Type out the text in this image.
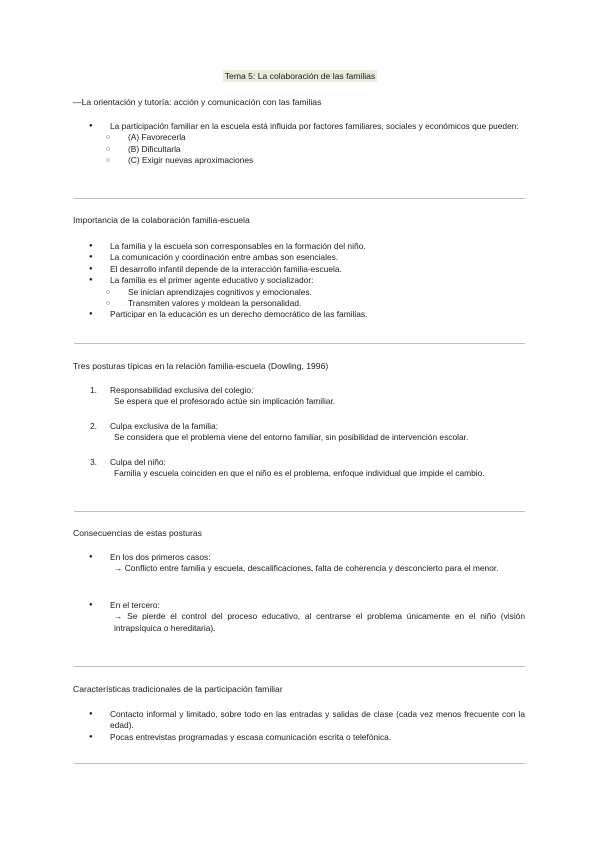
Tema 5: La colaboración de las familias
—La orientación y tutoría: acción y comunicación con las familias
● La participación familiar en la escuela está influida por factores familiares, sociales y económicos que pueden:
○ (A) Favorecerla
○ (B) Dificultarla
○ (C) Exigir nuevas aproximaciones
Importancia de la colaboración familia-escuela
● La familia y la escuela son corresponsables en la formación del niño.
● La comunicación y coordinación entre ambas son esenciales.
● El desarrollo infantil depende de la interacción familia-escuela.
● La familia es el primer agente educativo y socializador:
○ Se inician aprendizajes cognitivos y emocionales.
○ Transmiten valores y moldean la personalidad.
● Participar en la educación es un derecho democrático de las familias.
Tres posturas típicas en la relación familia-escuela (Dowling, 1996)
1. Responsabilidad exclusiva del colegio:
Se espera que el profesorado actúe sin implicación familiar.
2. Culpa exclusiva de la familia:
Se considera que el problema viene del entorno familiar, sin posibilidad de intervención escolar.
3. Culpa del niño:
Familia y escuela coinciden en que el niño es el problema, enfoque individual que impide el cambio.
Consecuencias de estas posturas
● En los dos primeros casos:
→ Conflicto entre familia y escuela, descalificaciones, falta de coherencia y desconcierto para el menor.
● En el tercero:
→ Se pierde el control del proceso educativo, al centrarse el problema únicamente en el niño (visión intrapsíquica o hereditaria).
Características tradicionales de la participación familiar
● Contacto informal y limitado, sobre todo en las entradas y salidas de clase (cada vez menos frecuente con la edad).
● Pocas entrevistas programadas y escasa comunicación escrita o telefónica.
